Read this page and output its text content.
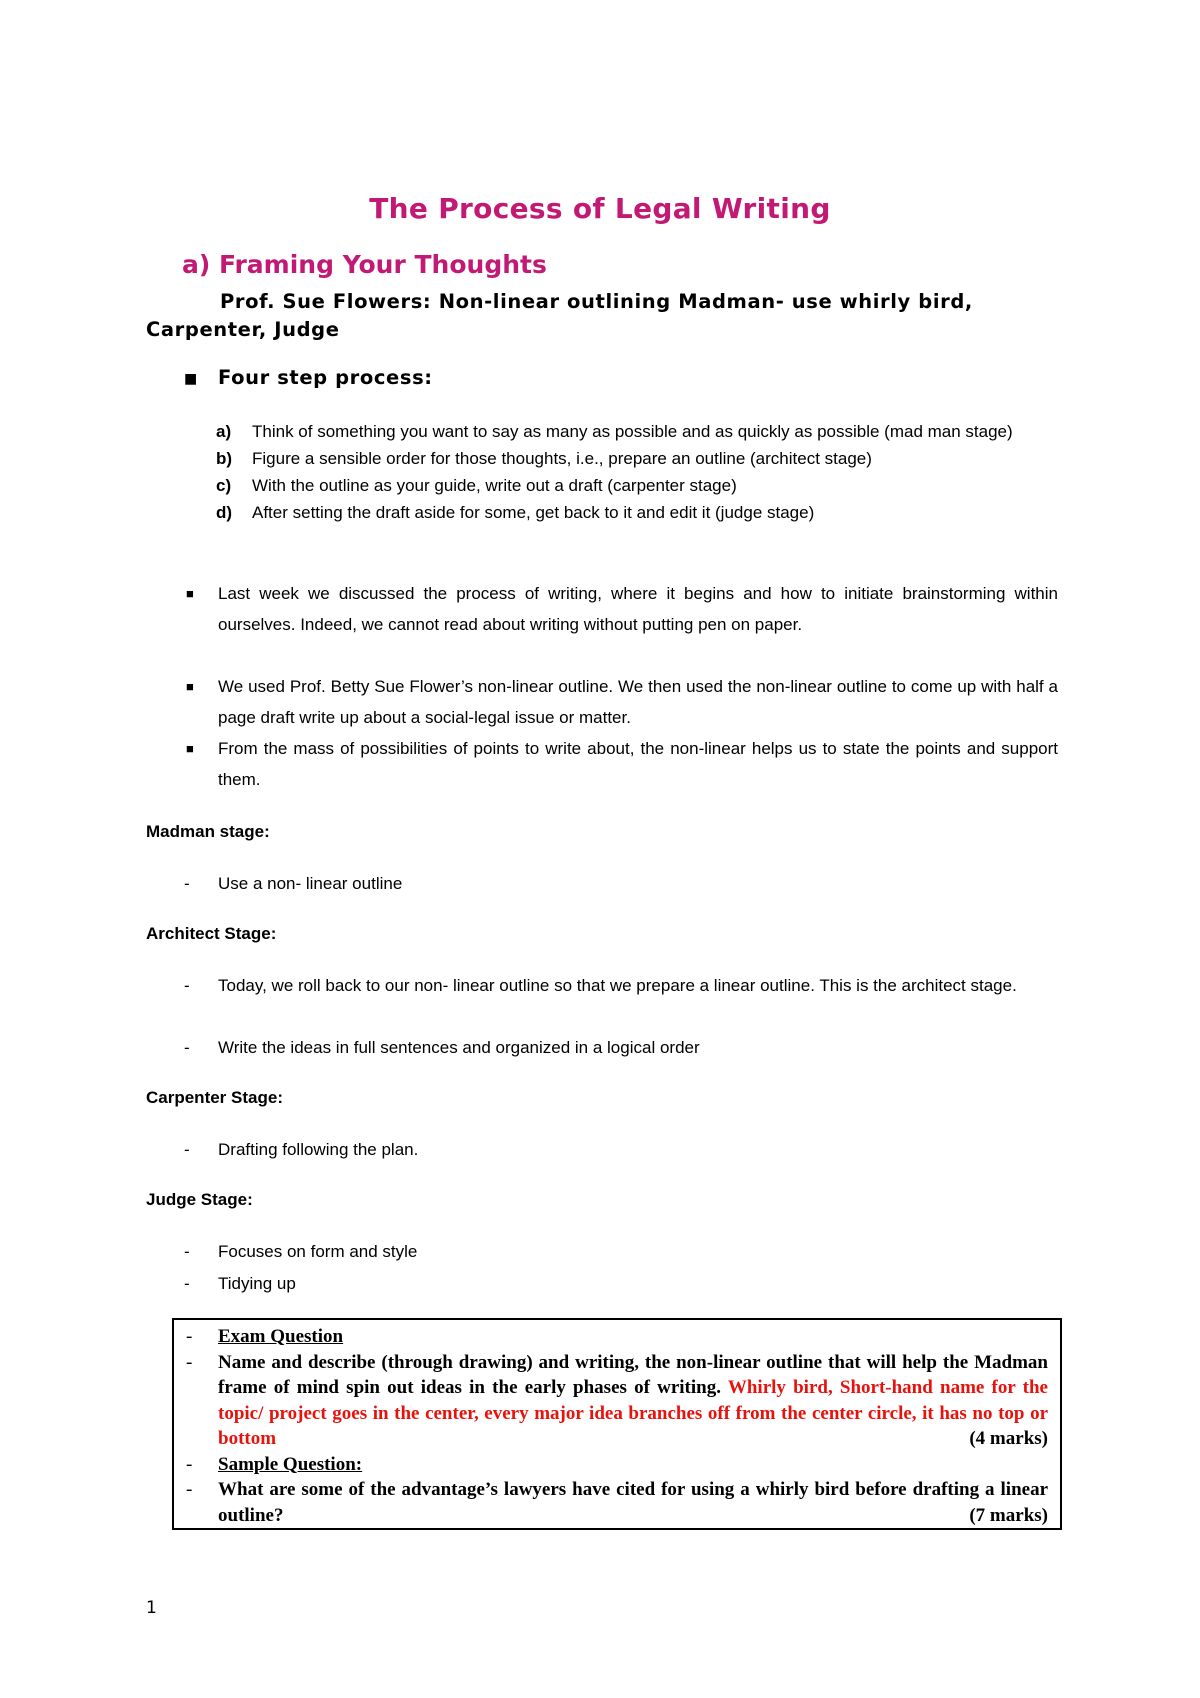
The Process of Legal Writing
a) Framing Your Thoughts
Prof. Sue Flowers: Non-linear outlining Madman- use whirly bird, Carpenter, Judge
■ Four step process:
a)	Think of something you want to say as many as possible and as quickly as possible (mad man stage)
b)	Figure a sensible order for those thoughts, i.e., prepare an outline (architect stage)
c)	With the outline as your guide, write out a draft (carpenter stage)
d)	After setting the draft aside for some, get back to it and edit it (judge stage)
■ Last week we discussed the process of writing, where it begins and how to initiate brainstorming within ourselves. Indeed, we cannot read about writing without putting pen on paper.
■ We used Prof. Betty Sue Flower’s non-linear outline. We then used the non-linear outline to come up with half a page draft write up about a social-legal issue or matter.
■ From the mass of possibilities of points to write about, the non-linear helps us to state the points and support them.
Madman stage:
- Use a non- linear outline
Architect Stage:
- Today, we roll back to our non- linear outline so that we prepare a linear outline. This is the architect stage.
- Write the ideas in full sentences and organized in a logical order
Carpenter Stage:
- Drafting following the plan.
Judge Stage:
- Focuses on form and style
- Tidying up
- Exam Question
- Name and describe (through drawing) and writing, the non-linear outline that will help the Madman frame of mind spin out ideas in the early phases of writing. Whirly bird, Short-hand name for the topic/ project goes in the center, every major idea branches off from the center circle, it has no top or bottom	(4 marks)
- Sample Question:
- What are some of the advantage’s lawyers have cited for using a whirly bird before drafting a linear outline?	(7 marks)
1
